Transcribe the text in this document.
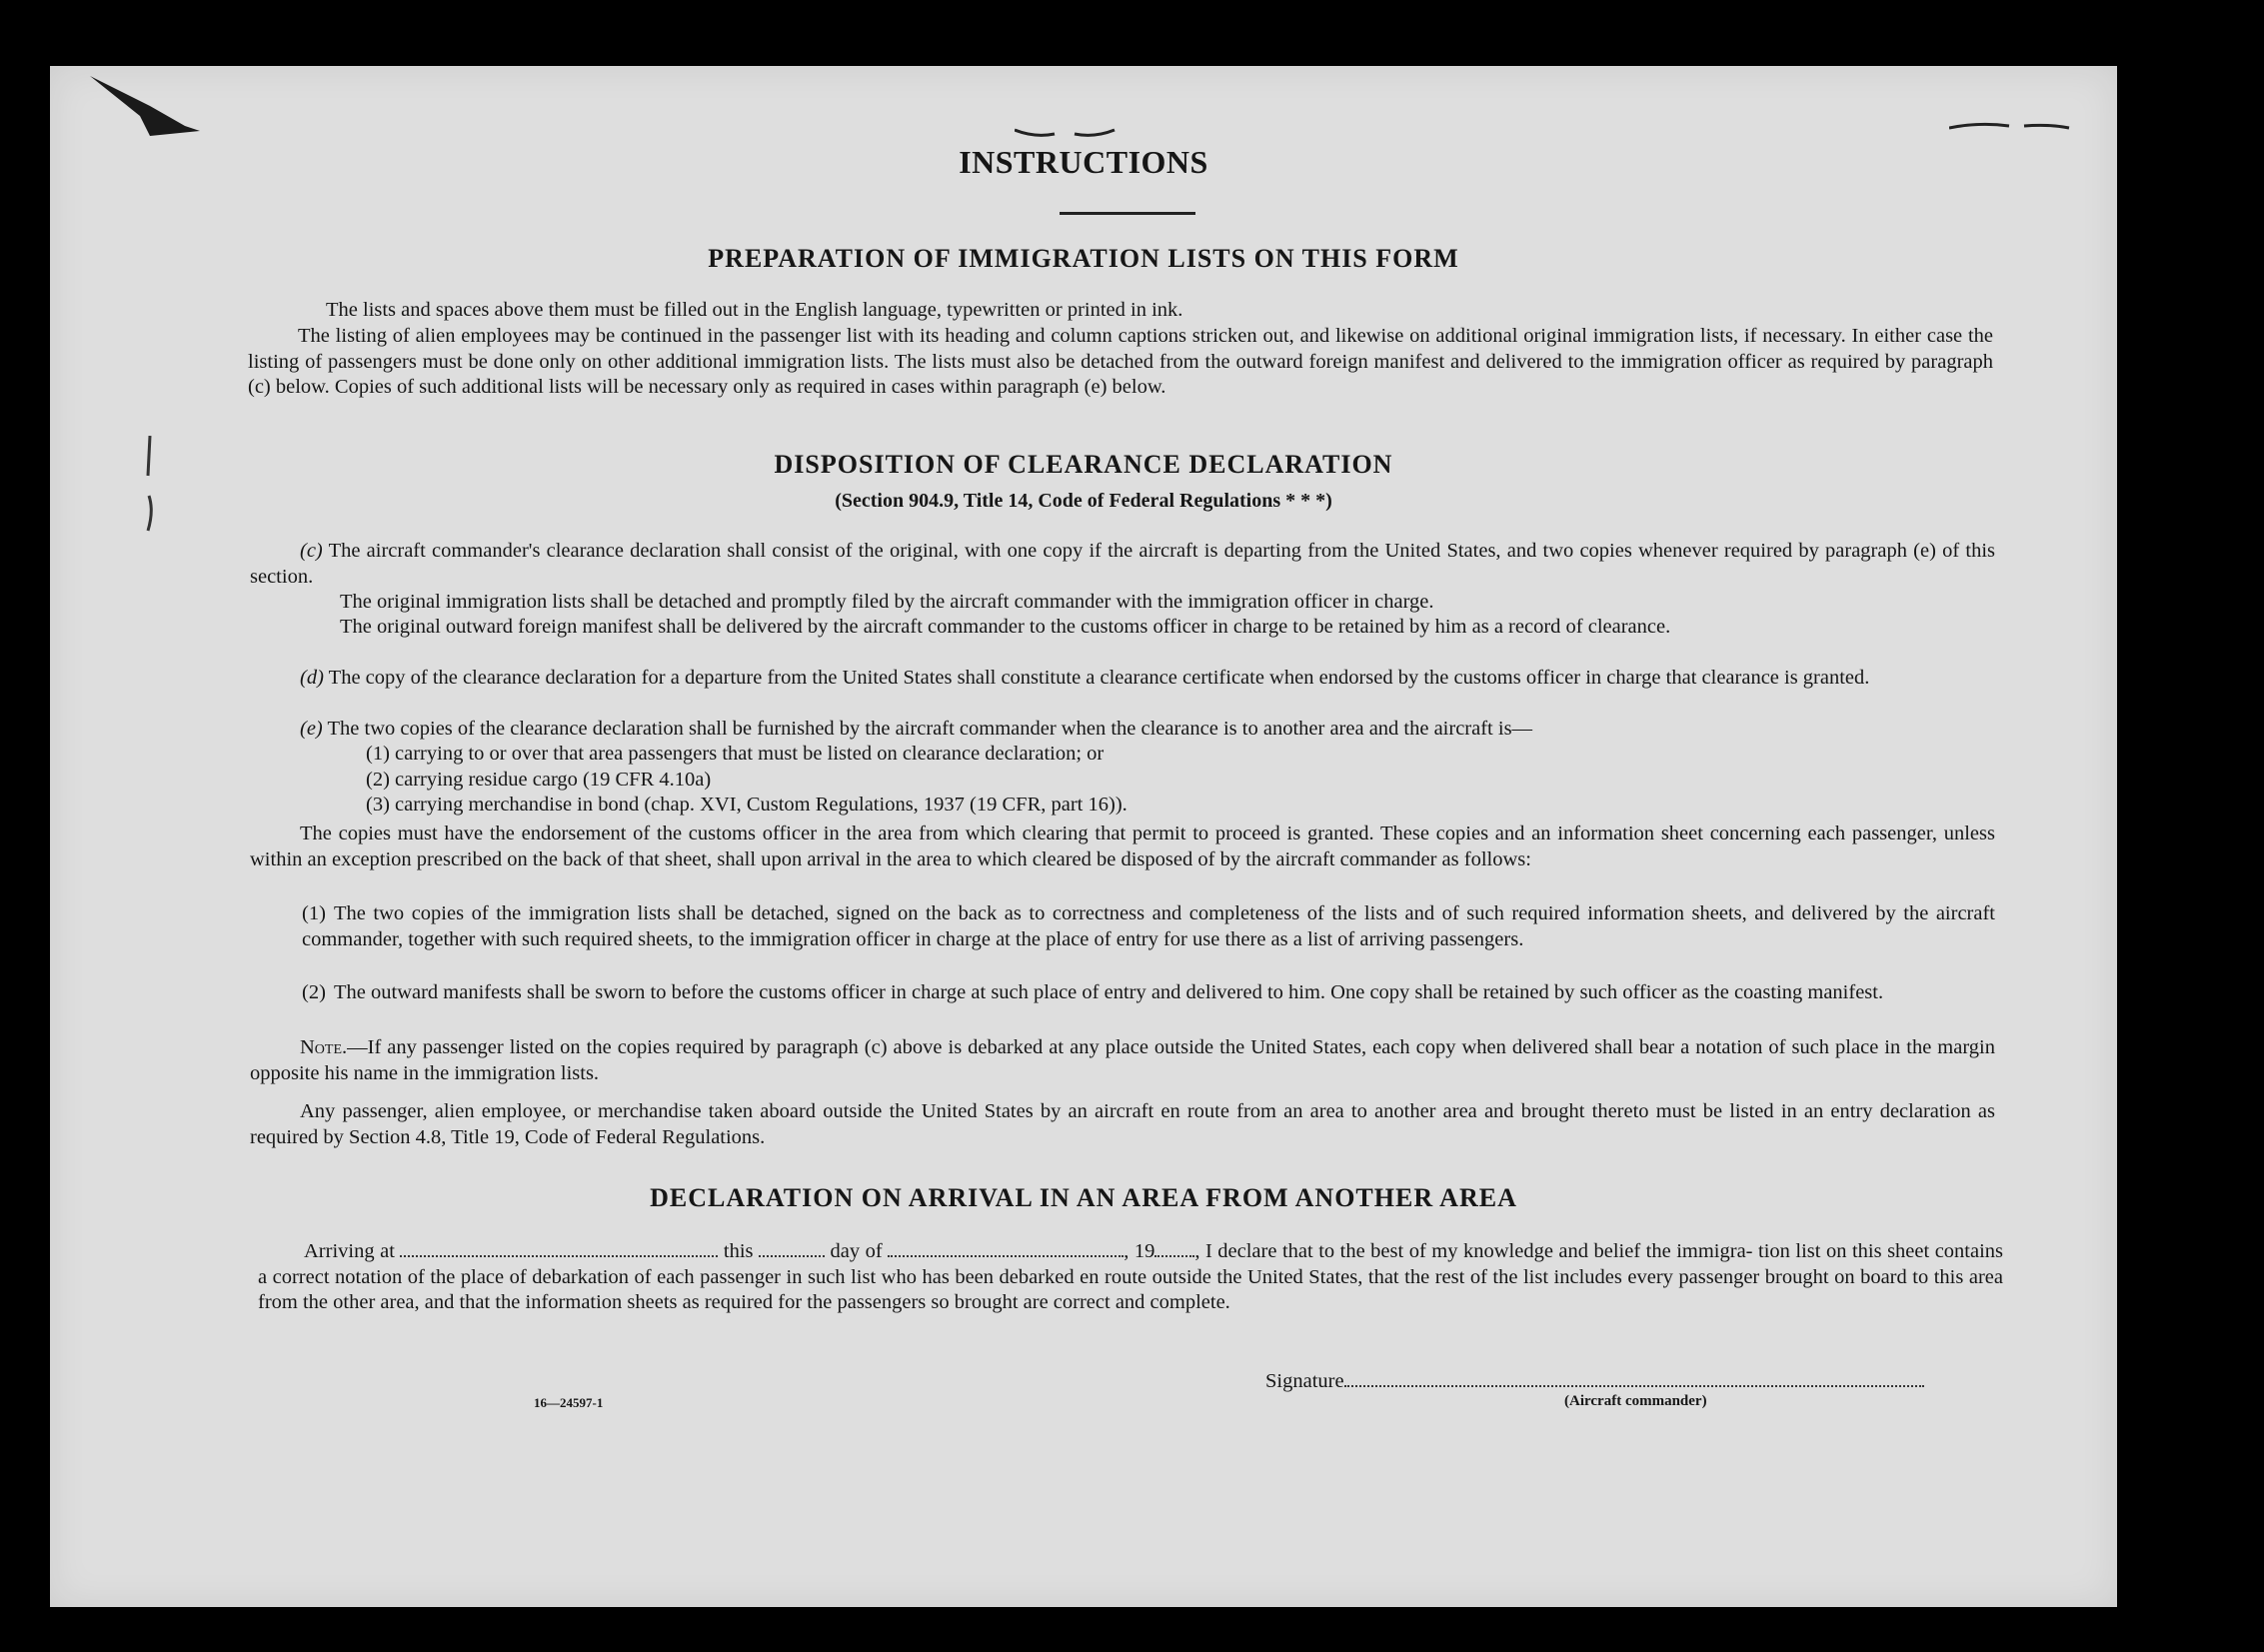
INSTRUCTIONS
PREPARATION OF IMMIGRATION LISTS ON THIS FORM

The lists and spaces above them must be filled out in the English language, typewritten or printed in ink.

The listing of alien employees may be continued in the passenger list with its heading and column captions stricken out, and likewise on additional original immigration lists, if necessary. In either case the listing of passengers must be done only on other additional immigration lists. The lists must also be detached from the outward foreign manifest and delivered to the immigration officer as required by paragraph (c) below. Copies of such additional lists will be necessary only as required in cases within paragraph (e) below.

DISPOSITION OF CLEARANCE DECLARATION
(Section 904.9, Title 14, Code of Federal Regulations * * *)

(c) The aircraft commander's clearance declaration shall consist of the original, with one copy if the aircraft is departing from the United States, and two copies whenever required by paragraph (e) of this section.

The original immigration lists shall be detached and promptly filed by the aircraft commander with the immigration officer in charge.

The original outward foreign manifest shall be delivered by the aircraft commander to the customs officer in charge to be retained by him as a record of clearance.

(d) The copy of the clearance declaration for a departure from the United States shall constitute a clearance certificate when endorsed by the customs officer in charge that clearance is granted.

(e) The two copies of the clearance declaration shall be furnished by the aircraft commander when the clearance is to another area and the aircraft is—

(1) carrying to or over that area passengers that must be listed on clearance declaration; or
(2) carrying residue cargo (19 CFR 4.10a)
(3) carrying merchandise in bond (chap. XVI, Custom Regulations, 1937 (19 CFR, part 16)).

The copies must have the endorsement of the customs officer in the area from which clearing that permit to proceed is granted. These copies and an information sheet concerning each passenger, unless within an exception prescribed on the back of that sheet, shall upon arrival in the area to which cleared be disposed of by the aircraft commander as follows:

(1) The two copies of the immigration lists shall be detached, signed on the back as to correctness and completeness of the lists and of such required information sheets, and delivered by the aircraft commander, together with such required sheets, to the immigration officer in charge at the place of entry for use there as a list of arriving passengers.
(2) The outward manifests shall be sworn to before the customs officer in charge at such place of entry and delivered to him. One copy shall be retained by such officer as the coasting manifest.

Note.—If any passenger listed on the copies required by paragraph (c) above is debarked at any place outside the United States, each copy when delivered shall bear a notation of such place in the margin opposite his name in the immigration lists.

Any passenger, alien employee, or merchandise taken aboard outside the United States by an aircraft en route from an area to another area and brought thereto must be listed in an entry declaration as required by Section 4.8, Title 19, Code of Federal Regulations.

DECLARATION ON ARRIVAL IN AN AREA FROM ANOTHER AREA

Arriving at	this	day of	, 19 , I declare that to the best of my knowledge and belief the immigra- tion list on this sheet contains a correct notation of the place of debarkation of each passenger in such list who has been debarked en route outside the United States, that the rest of the list includes every passenger brought on board to this area from the other area, and that the information sheets as required for the passengers so brought are correct and complete.

Signature
(Aircraft commander)
16—24597-1
